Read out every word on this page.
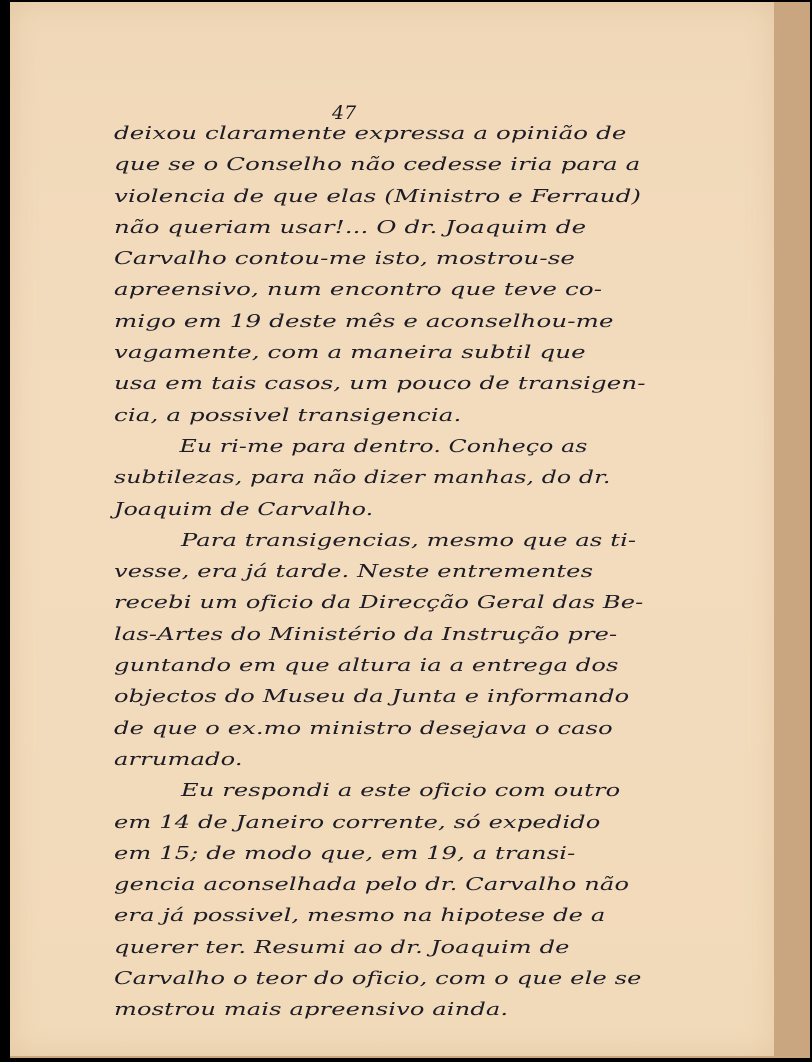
47
deixou claramente expressa a opinião de
que se o Conselho não cedesse iria para a
violencia de que elas (Ministro e Ferraud)
não queriam usar!... O dr. Joaquim de
Carvalho contou-me isto, mostrou-se
apreensivo, num encontro que teve co-
migo em 19 deste mês e aconselhou-me
vagamente, com a maneira subtil que
usa em tais casos, um pouco de transigen-
cia, a possivel transigencia.
Eu ri-me para dentro. Conheço as
subtilezas, para não dizer manhas, do dr.
Joaquim de Carvalho.
Para transigencias, mesmo que as ti-
vesse, era já tarde. Neste entrementes
recebi um oficio da Direcção Geral das Be-
las-Artes do Ministério da Instrução pre-
guntando em que altura ia a entrega dos
objectos do Museu da Junta e informando
de que o ex.mo ministro desejava o caso
arrumado.
Eu respondi a este oficio com outro
em 14 de Janeiro corrente, só expedido
em 15; de modo que, em 19, a transi-
gencia aconselhada pelo dr. Carvalho não
era já possivel, mesmo na hipotese de a
querer ter. Resumi ao dr. Joaquim de
Carvalho o teor do oficio, com o que ele se
mostrou mais apreensivo ainda.
